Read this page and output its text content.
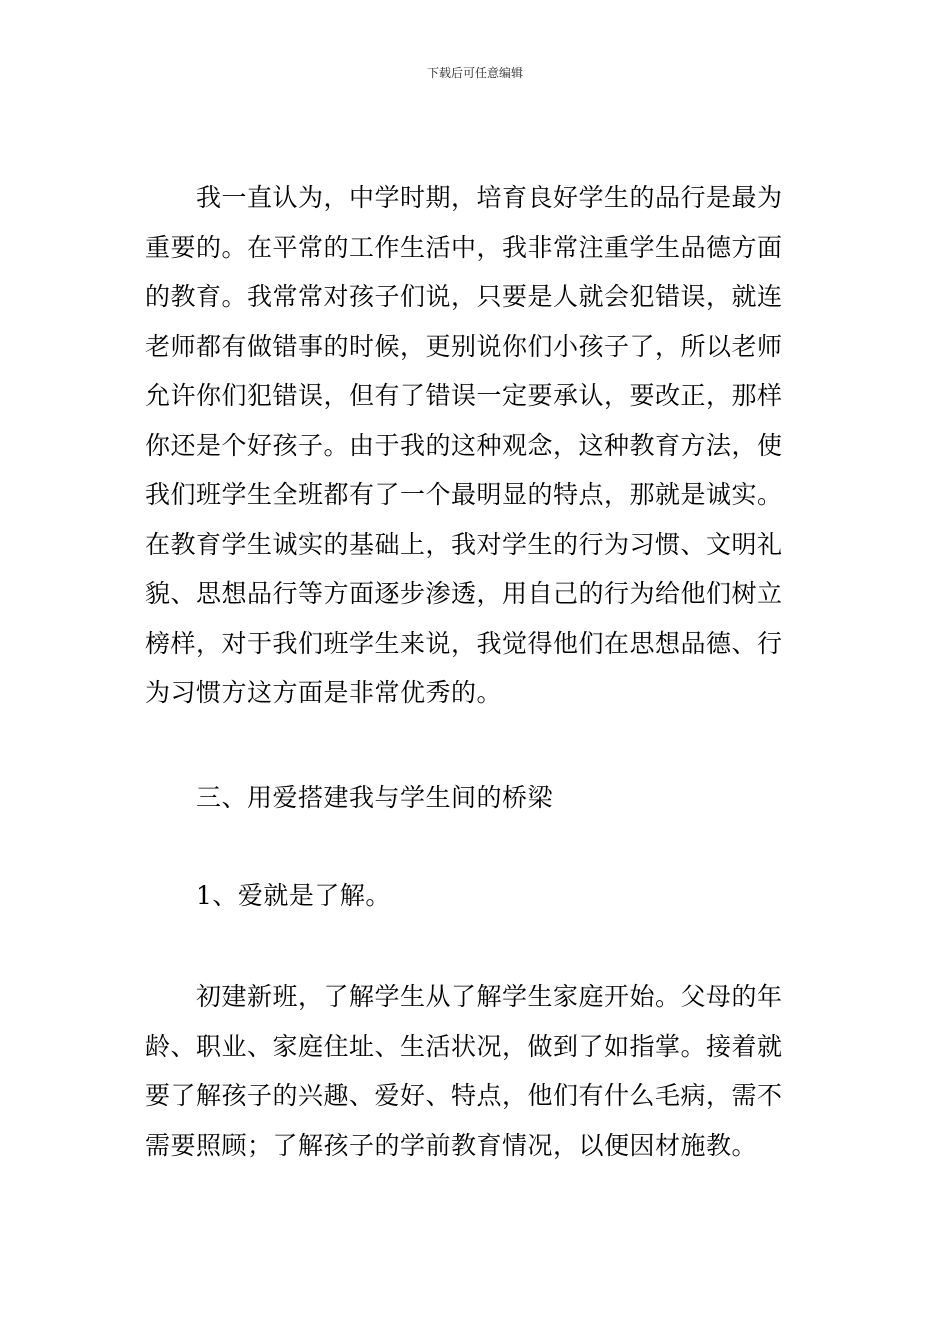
下载后可任意编辑
我一直认为，中学时期，培育良好学生的品行是最为
重要的。在平常的工作生活中，我非常注重学生品德方面
的教育。我常常对孩子们说，只要是人就会犯错误，就连
老师都有做错事的时候，更别说你们小孩子了，所以老师
允许你们犯错误，但有了错误一定要承认，要改正，那样
你还是个好孩子。由于我的这种观念，这种教育方法，使
我们班学生全班都有了一个最明显的特点，那就是诚实。
在教育学生诚实的基础上，我对学生的行为习惯、文明礼
貌、思想品行等方面逐步渗透，用自己的行为给他们树立
榜样，对于我们班学生来说，我觉得他们在思想品德、行
为习惯方这方面是非常优秀的。
三、用爱搭建我与学生间的桥梁
1、爱就是了解。
初建新班，了解学生从了解学生家庭开始。父母的年
龄、职业、家庭住址、生活状况，做到了如指掌。接着就
要了解孩子的兴趣、爱好、特点，他们有什么毛病，需不
需要照顾；了解孩子的学前教育情况，以便因材施教。
